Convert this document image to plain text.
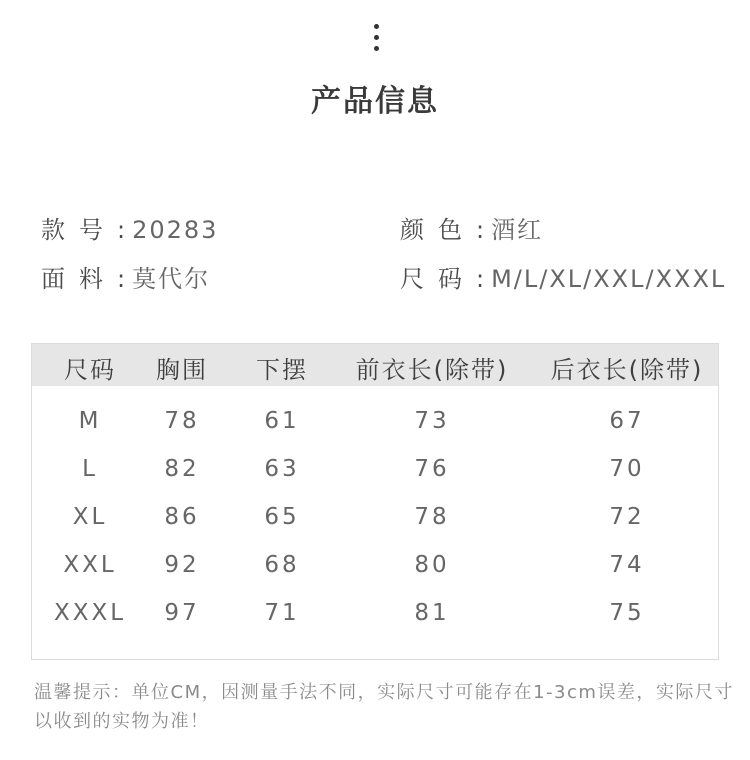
产品信息
款号: 20283	颜色: 酒红
面料: 莫代尔	尺码: M/L/XL/XXL/XXXL
尺码	胸围	下摆	前衣长(除带)	后衣长(除带)
M	78	61	73	67
L	82	63	76	70
XL	86	65	78	72
XXL	92	68	80	74
XXXL	97	71	81	75
温馨提示：单位CM，因测量手法不同，实际尺寸可能存在1-3cm误差，实际尺寸以收到的实物为准！
